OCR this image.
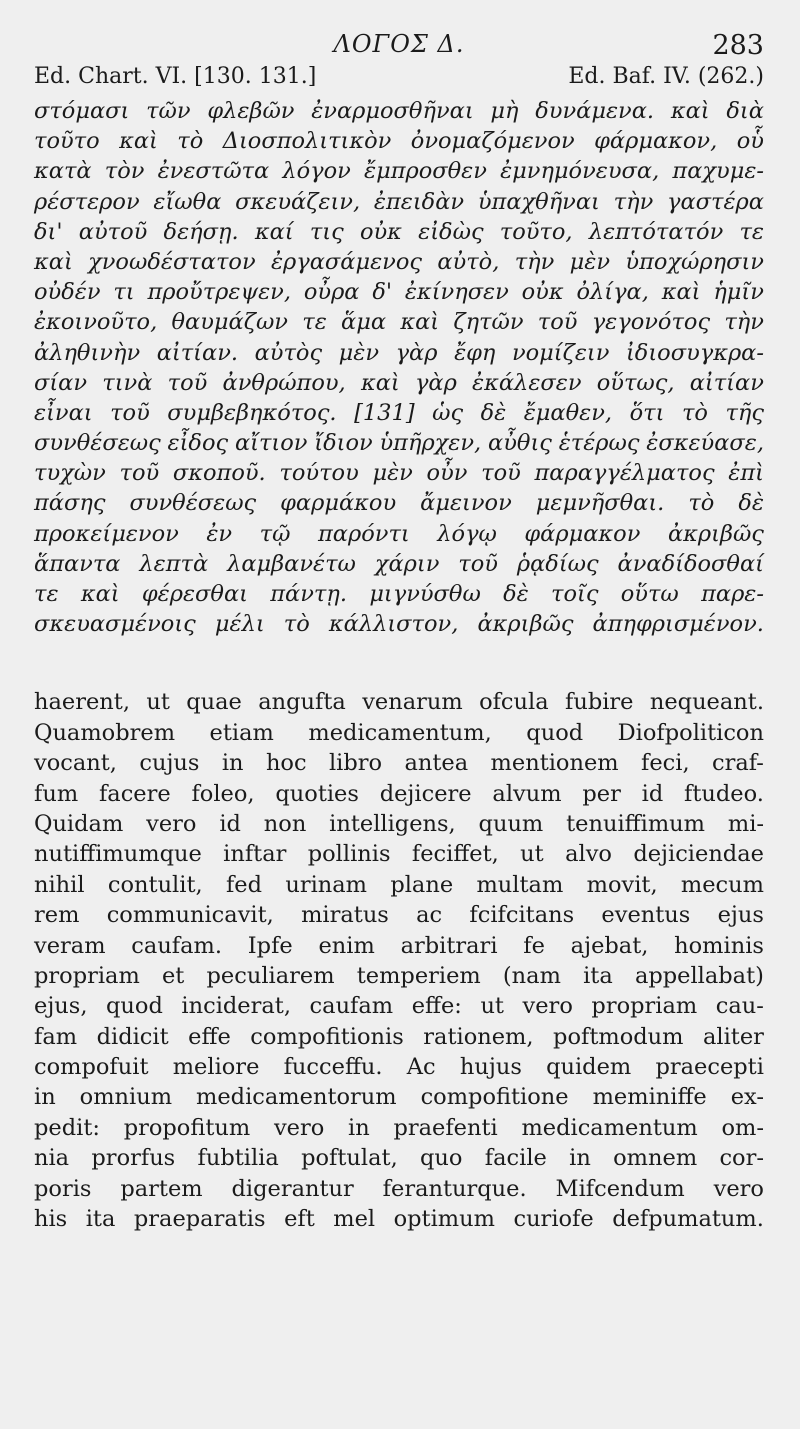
ΛΟΓΟΣ Δ.	283
Ed. Chart. VI. [130. 131.]	Ed. Baf. IV. (262.)
στόμασι τῶν φλεβῶν ἐναρμοσθῆναι μὴ δυνάμενα. καὶ διὰ
τοῦτο καὶ τὸ Διοσπολιτικὸν ὀνομαζόμενον φάρμακον, οὗ
κατὰ τὸν ἐνεστῶτα λόγον ἔμπροσθεν ἐμνημόνευσα, παχυμε-
ρέστερον εἴωθα σκευάζειν, ἐπειδὰν ὑπαχθῆναι τὴν γαστέρα
δι' αὐτοῦ δεήσῃ. καί τις οὐκ εἰδὼς τοῦτο, λεπτότατόν τε
καὶ χνοωδέστατον ἐργασάμενος αὐτὸ, τὴν μὲν ὑποχώρησιν
οὐδέν τι προὔτρεψεν, οὖρα δ' ἐκίνησεν οὐκ ὀλίγα, καὶ ἡμῖν
ἐκοινοῦτο, θαυμάζων τε ἅμα καὶ ζητῶν τοῦ γεγονότος τὴν
ἀληθινὴν αἰτίαν. αὐτὸς μὲν γὰρ ἔφη νομίζειν ἰδιοσυγκρα-
σίαν τινὰ τοῦ ἀνθρώπου, καὶ γὰρ ἐκάλεσεν οὕτως, αἰτίαν
εἶναι τοῦ συμβεβηκότος. [131] ὡς δὲ ἔμαθεν, ὅτι τὸ τῆς
συνθέσεως εἶδος αἴτιον ἴδιον ὑπῆρχεν, αὖθις ἑτέρως ἐσκεύασε,
τυχὼν τοῦ σκοποῦ. τούτου μὲν οὖν τοῦ παραγγέλματος ἐπὶ
πάσης συνθέσεως φαρμάκου ἄμεινον μεμνῆσθαι. τὸ δὲ
προκείμενον ἐν τῷ παρόντι λόγῳ φάρμακον ἀκριβῶς
ἅπαντα λεπτὰ λαμβανέτω χάριν τοῦ ῥᾳδίως ἀναδίδοσθαί
τε καὶ φέρεσθαι πάντῃ. μιγνύσθω δὲ τοῖς οὕτω παρε-
σκευασμένοις μέλι τὸ κάλλιστον, ἀκριβῶς ἀπηφρισμένον.
haerent, ut quae angufta venarum ofcula fubire nequeant.
Quamobrem etiam medicamentum, quod Diofpoliticon
vocant, cujus in hoc libro antea mentionem feci, craf-
fum facere foleo, quoties dejicere alvum per id ftudeo.
Quidam vero id non intelligens, quum tenuiffimum mi-
nutiffimumque inftar pollinis feciffet, ut alvo dejiciendae
nihil contulit, fed urinam plane multam movit, mecum
rem communicavit, miratus ac fcifcitans eventus ejus
veram caufam. Ipfe enim arbitrari fe ajebat, hominis
propriam et peculiarem temperiem (nam ita appellabat)
ejus, quod inciderat, caufam effe: ut vero propriam cau-
fam didicit effe compofitionis rationem, poftmodum aliter
compofuit meliore fucceffu. Ac hujus quidem praecepti
in omnium medicamentorum compofitione meminiffe ex-
pedit: propofitum vero in praefenti medicamentum om-
nia prorfus fubtilia poftulat, quo facile in omnem cor-
poris partem digerantur feranturque. Mifcendum vero
his ita praeparatis eft mel optimum curiofe defpumatum.
